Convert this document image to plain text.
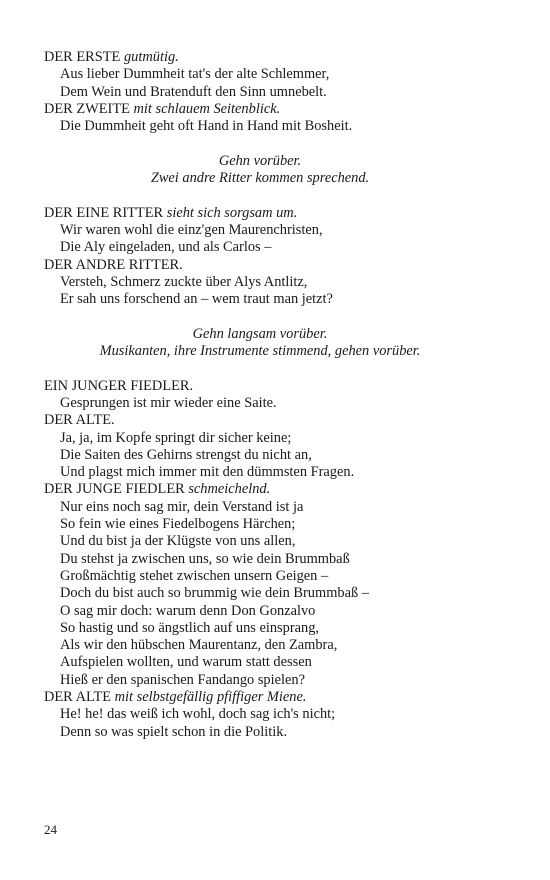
DER ERSTE gutmütig.

Aus lieber Dummheit tat's der alte Schlemmer,

Dem Wein und Bratenduft den Sinn umnebelt.

DER ZWEITE mit schlauem Seitenblick.

Die Dummheit geht oft Hand in Hand mit Bosheit.

Gehn vorüber.

Zwei andre Ritter kommen sprechend.

DER EINE RITTER sieht sich sorgsam um.

Wir waren wohl die einz'gen Maurenchristen,

Die Aly eingeladen, und als Carlos –

DER ANDRE RITTER.

Versteh, Schmerz zuckte über Alys Antlitz,

Er sah uns forschend an – wem traut man jetzt?

Gehn langsam vorüber.

Musikanten, ihre Instrumente stimmend, gehen vorüber.

EIN JUNGER FIEDLER.

Gesprungen ist mir wieder eine Saite.

DER ALTE.

Ja, ja, im Kopfe springt dir sicher keine;

Die Saiten des Gehirns strengst du nicht an,

Und plagst mich immer mit den dümmsten Fragen.

DER JUNGE FIEDLER schmeichelnd.

Nur eins noch sag mir, dein Verstand ist ja

So fein wie eines Fiedelbogens Härchen;

Und du bist ja der Klügste von uns allen,

Du stehst ja zwischen uns, so wie dein Brummbaß

Großmächtig stehet zwischen unsern Geigen –

Doch du bist auch so brummig wie dein Brummbaß –

O sag mir doch: warum denn Don Gonzalvo

So hastig und so ängstlich auf uns einsprang,

Als wir den hübschen Maurentanz, den Zambra,

Aufspielen wollten, und warum statt dessen

Hieß er den spanischen Fandango spielen?

DER ALTE mit selbstgefällig pfiffiger Miene.

He! he! das weiß ich wohl, doch sag ich's nicht;

Denn so was spielt schon in die Politik.

24
